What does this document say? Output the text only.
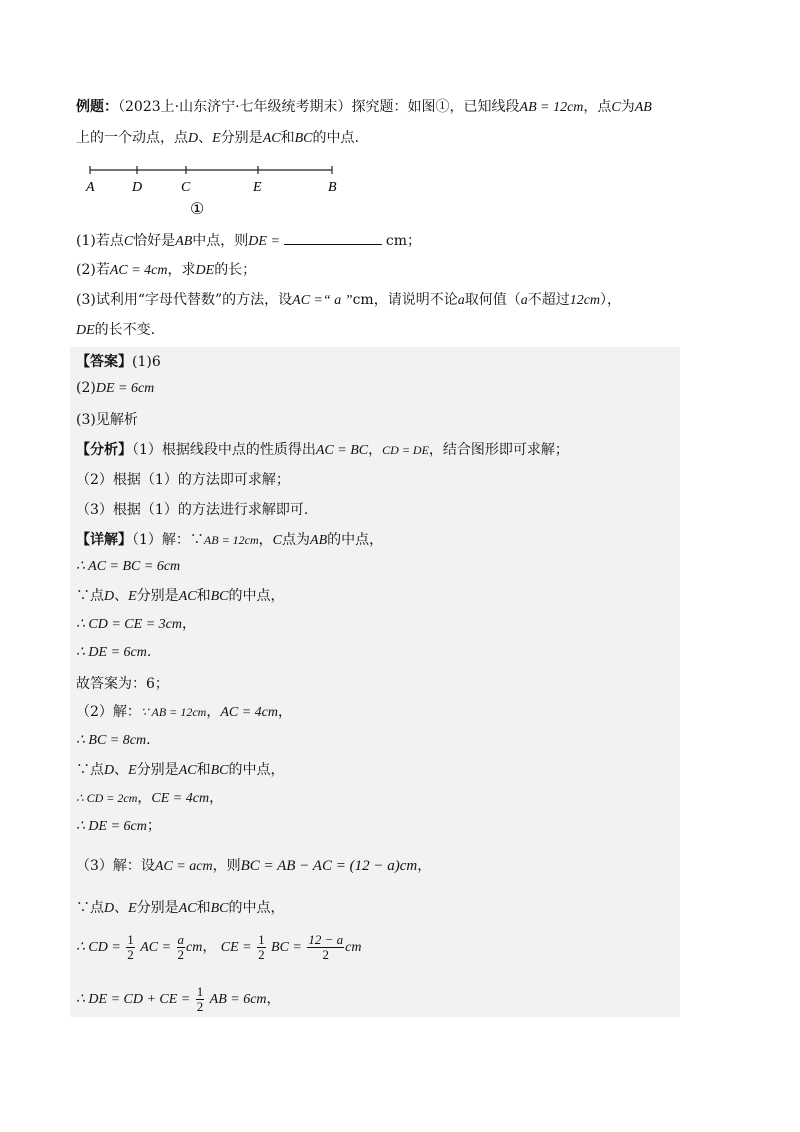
例题：（2023上·山东济宁·七年级统考期末）探究题：如图①，已知线段AB = 12cm，点C为AB
上的一个动点，点D、E分别是AC和BC的中点.
A	D	C	E	B
①
(1)若点C恰好是AB中点，则DE =	cm；
(2)若AC = 4cm，求DE的长；
(3)试利用“字母代替数”的方法，设AC =“ a ”cm，请说明不论a取何值（a不超过12cm），
DE的长不变.
【答案】(1)6
(2)DE = 6cm
(3)见解析
【分析】（1）根据线段中点的性质得出AC = BC，CD = DE，结合图形即可求解；
（2）根据（1）的方法即可求解；
（3）根据（1）的方法进行求解即可.
【详解】（1）解：∵AB = 12cm，C点为AB的中点，
∴ AC = BC = 6cm
∵点D、E分别是AC和BC的中点，
∴ CD = CE = 3cm，
∴ DE = 6cm.
故答案为：6；
（2）解：∵ AB = 12cm，AC = 4cm，
∴ BC = 8cm.
∵点D、E分别是AC和BC的中点，
∴ CD = 2cm，CE = 4cm，
∴ DE = 6cm；
（3）解：设AC = acm，则BC = AB − AC = (12 − a)cm，
∵点D、E分别是AC和BC的中点，
∴ CD = $\frac{1}{2}$ AC = $\frac{a}{2}$ cm， CE = $\frac{1}{2}$ BC = $\frac{12 - a}{2}$ cm
∴ DE = CD + CE = $\frac{1}{2}$ AB = 6cm，
